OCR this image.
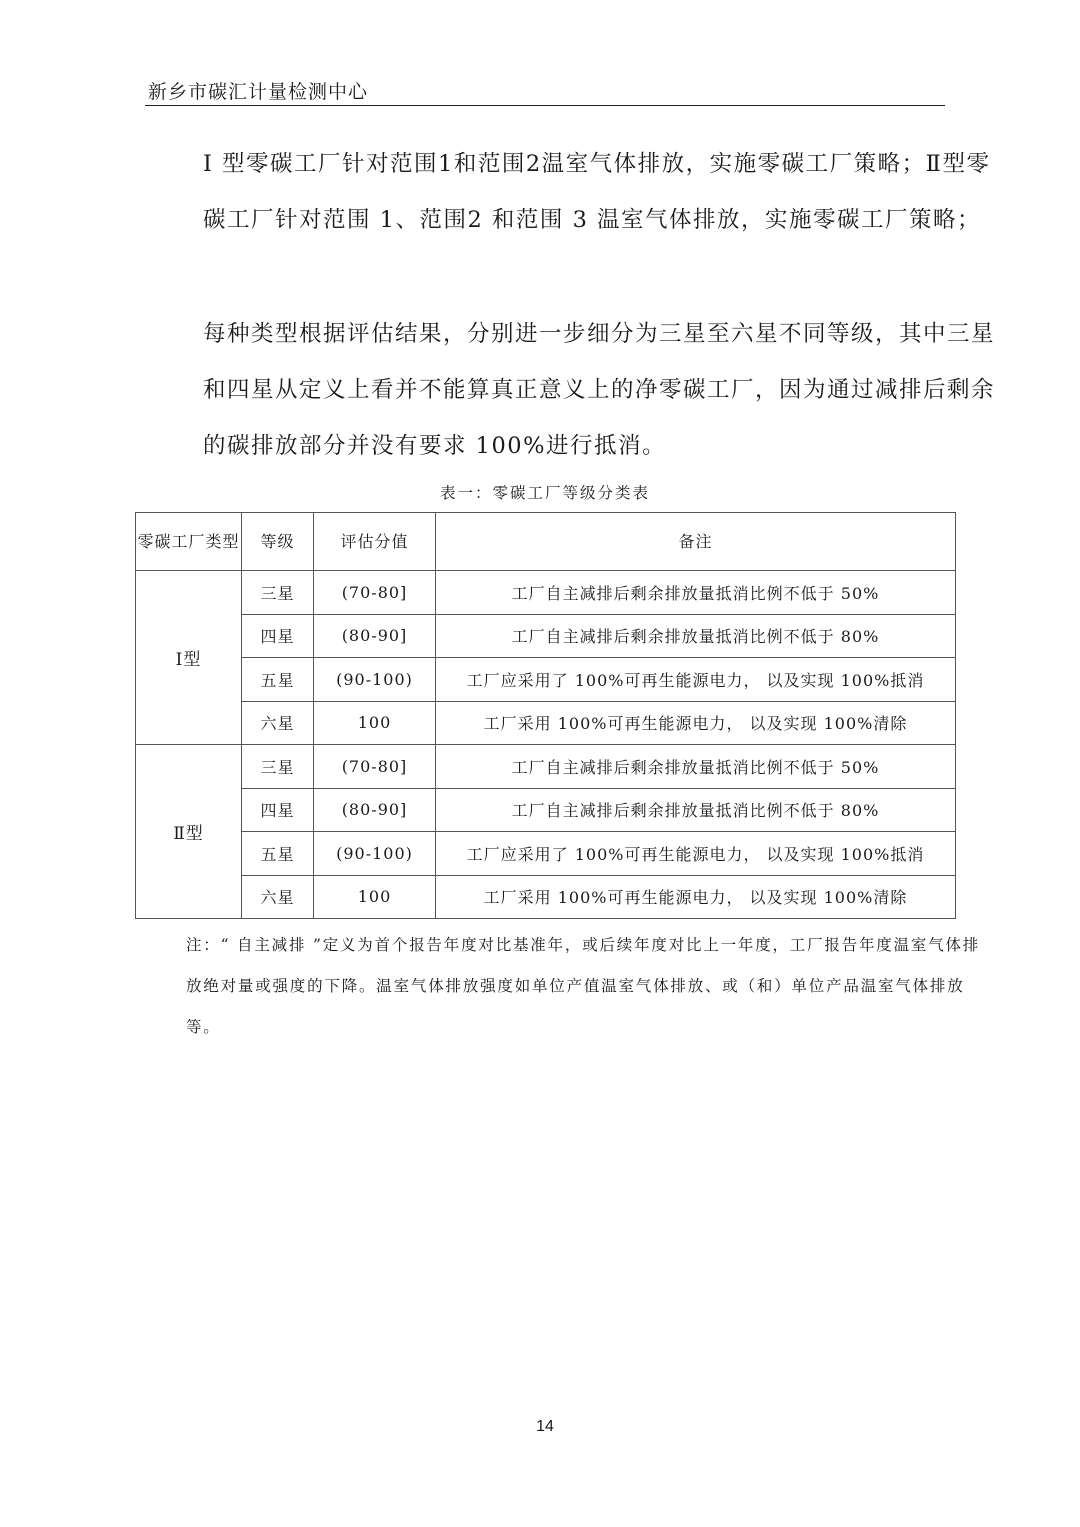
新乡市碳汇计量检测中心
Ⅰ 型零碳工厂针对范围1和范围2温室气体排放，实施零碳工厂策略；Ⅱ型零碳工厂针对范围 1、范围2 和范围 3 温室气体排放，实施零碳工厂策略；
每种类型根据评估结果，分别进一步细分为三星至六星不同等级，其中三星和四星从定义上看并不能算真正意义上的净零碳工厂，因为通过减排后剩余的碳排放部分并没有要求 100%进行抵消。
表一：零碳工厂等级分类表
零碳工厂类型	等级	评估分值	备注
Ⅰ型	三星	(70-80]	工厂自主减排后剩余排放量抵消比例不低于 50%
	四星	(80-90]	工厂自主减排后剩余排放量抵消比例不低于 80%
	五星	(90-100)	工厂应采用了 100%可再生能源电力， 以及实现 100%抵消
	六星	100	工厂采用 100%可再生能源电力， 以及实现 100%清除
Ⅱ型	三星	(70-80]	工厂自主减排后剩余排放量抵消比例不低于 50%
	四星	(80-90]	工厂自主减排后剩余排放量抵消比例不低于 80%
	五星	(90-100)	工厂应采用了 100%可再生能源电力， 以及实现 100%抵消
	六星	100	工厂采用 100%可再生能源电力， 以及实现 100%清除
注：“ 自主减排 ”定义为首个报告年度对比基准年，或后续年度对比上一年度，工厂报告年度温室气体排放绝对量或强度的下降。温室气体排放强度如单位产值温室气体排放、或（和）单位产品温室气体排放等。
14
